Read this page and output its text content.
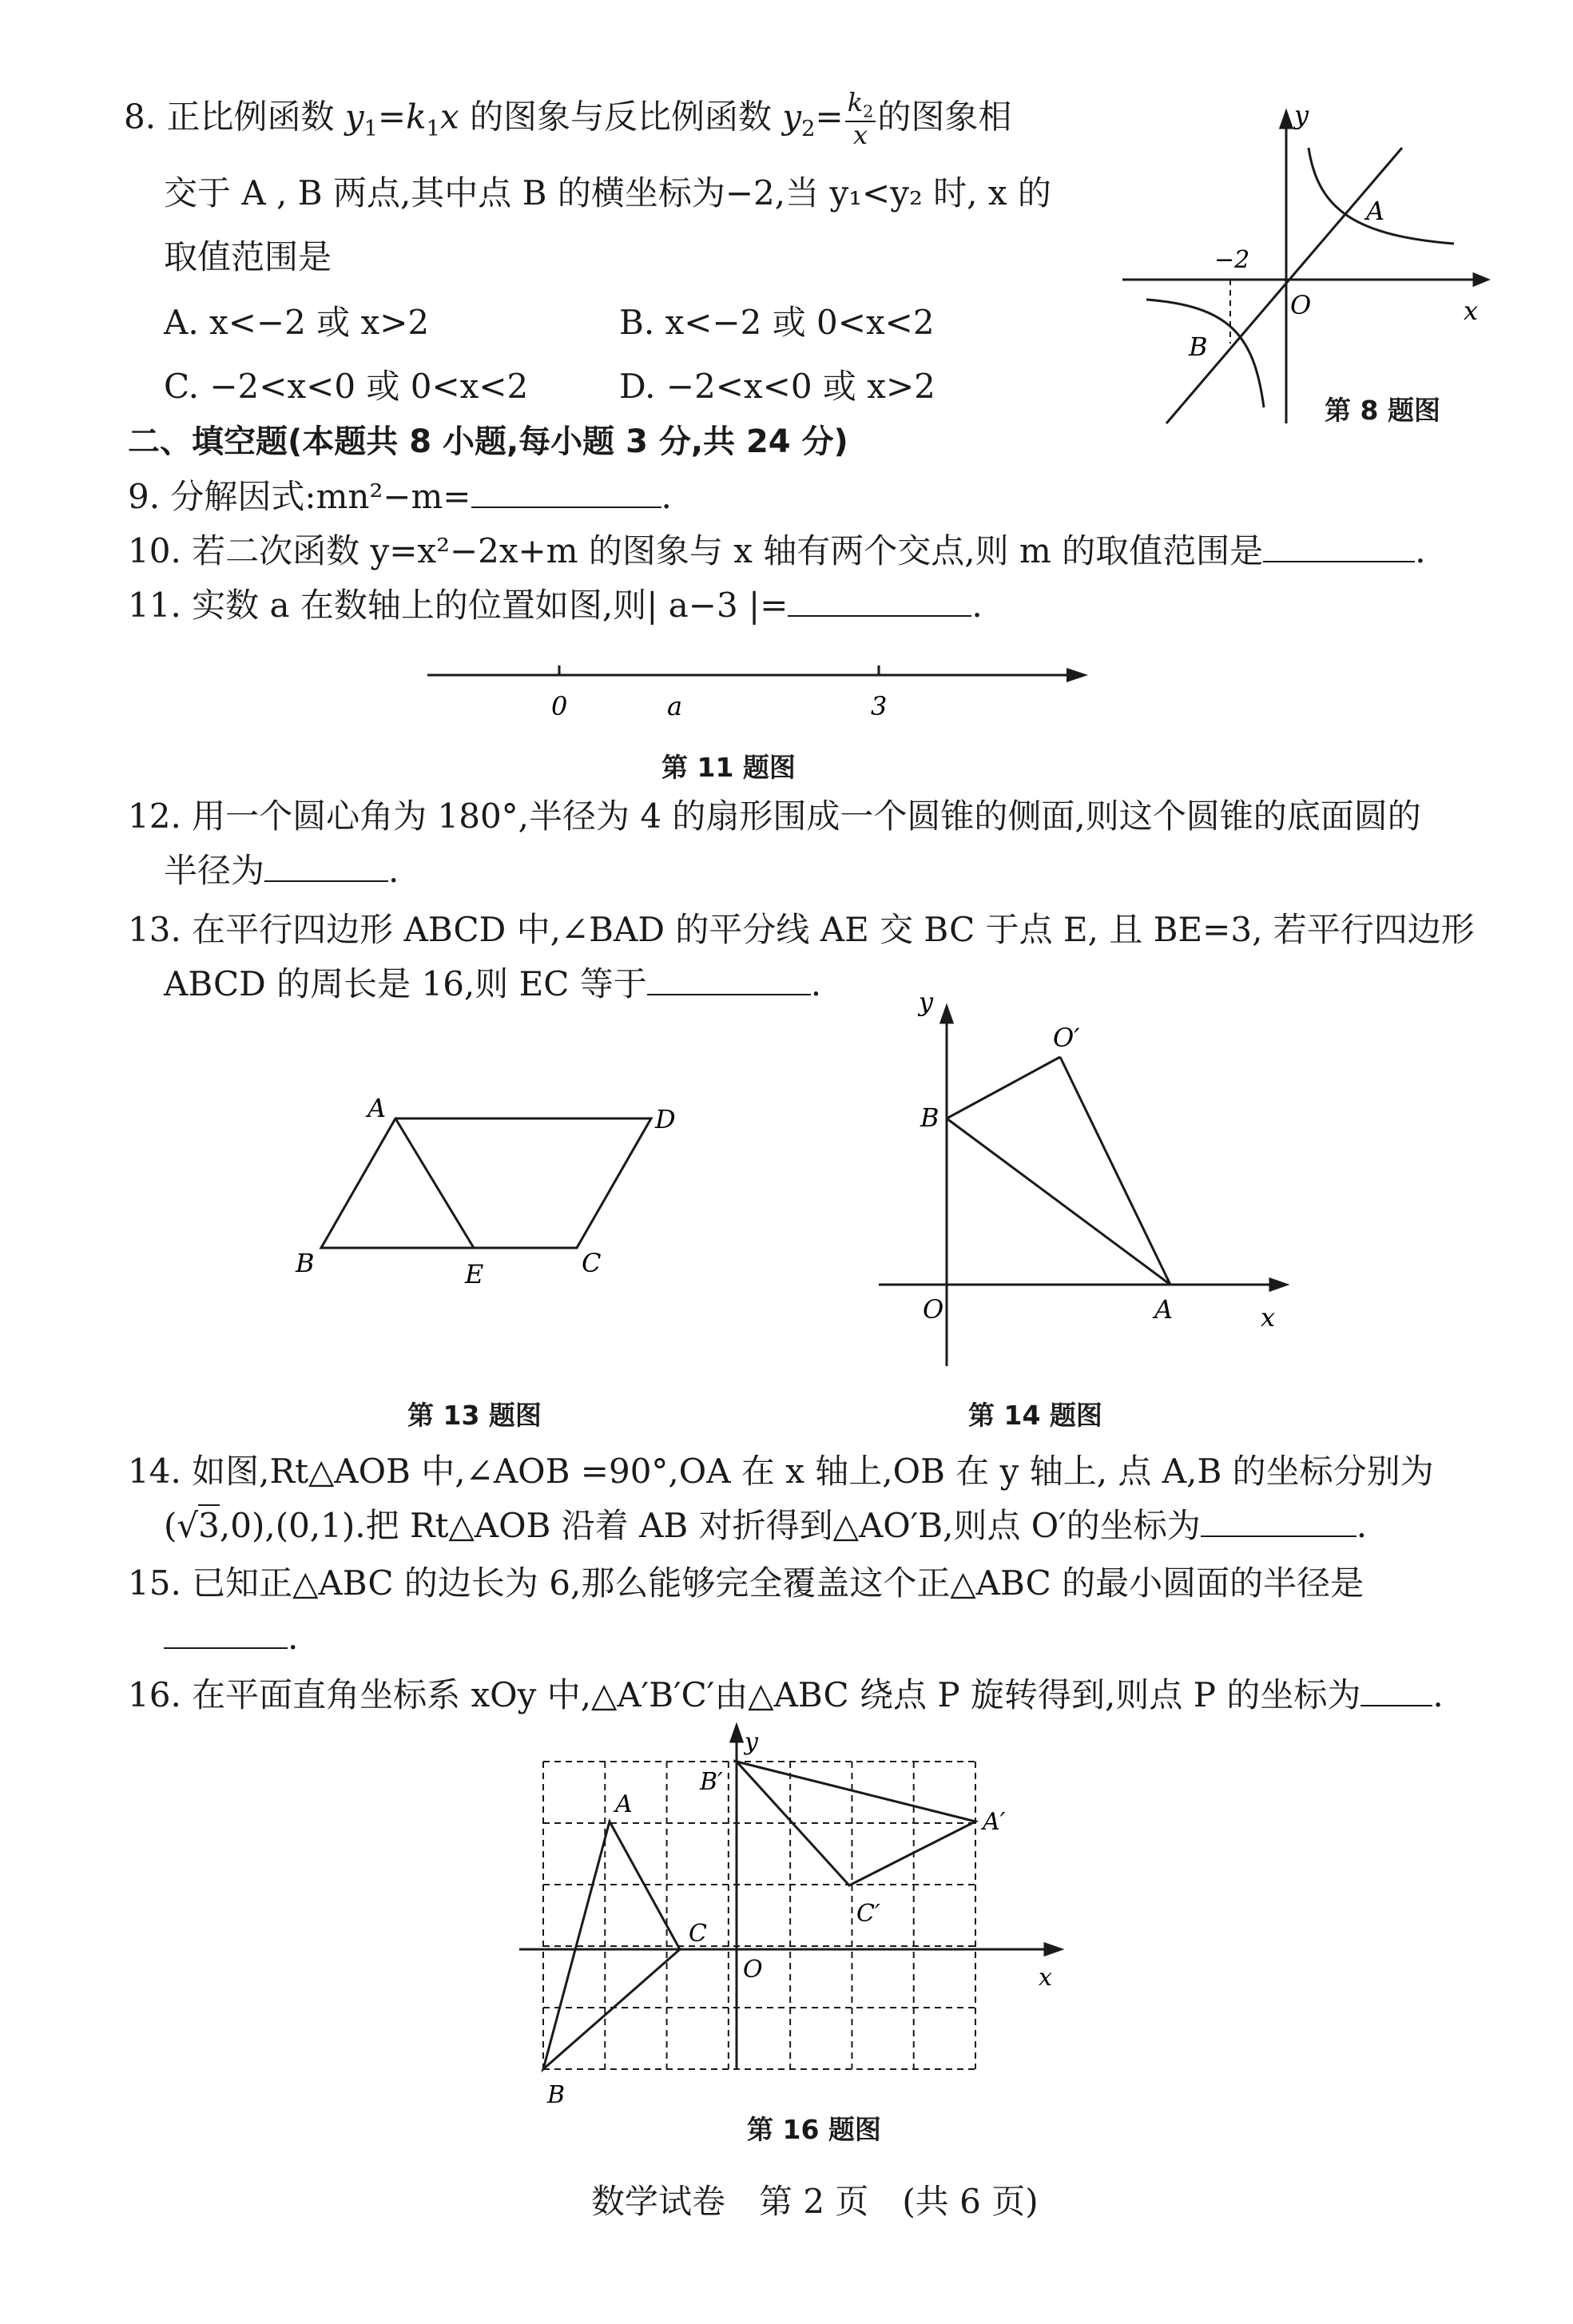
8. 正比例函数 $y_1=k_1x$ 的图象与反比例函数 $y_2= \frac{k_2}{x}$ 的图象相
交于 A , B 两点,其中点 B 的横坐标为−2,当 y₁<y₂ 时, x 的
取值范围是
A. x<−2 或 x>2	B. x<−2 或 0<x<2
C. −2<x<0 或 0<x<2	D. −2<x<0 或 x>2
y
x
O
A
B
−2
第 8 题图
二、填空题(本题共 8 小题,每小题 3 分,共 24 分)
9. 分解因式:mn²−m=	.
10. 若二次函数 y=x²−2x+m 的图象与 x 轴有两个交点,则 m 的取值范围是	.
11. 实数 a 在数轴上的位置如图,则| a−3 |=	.
0	a	3
第 11 题图
12. 用一个圆心角为 180°,半径为 4 的扇形围成一个圆锥的侧面,则这个圆锥的底面圆的
半径为	.
13. 在平行四边形 ABCD 中,∠BAD 的平分线 AE 交 BC 于点 E, 且 BE=3, 若平行四边形
ABCD 的周长是 16,则 EC 等于	.
A	D
B	E	C
第 13 题图
y
x
O	A
B
O′
第 14 题图
14. 如图,Rt△AOB 中,∠AOB =90°,OA 在 x 轴上,OB 在 y 轴上, 点 A,B 的坐标分别为
(√3,0),(0,1).把 Rt△AOB 沿着 AB 对折得到△AO′B,则点 O′的坐标为	.
15. 已知正△ABC 的边长为 6,那么能够完全覆盖这个正△ABC 的最小圆面的半径是
.
16. 在平面直角坐标系 xOy 中,△A′B′C′由△ABC 绕点 P 旋转得到,则点 P 的坐标为 .
y
x
O
A
B
C
A′
B′
C′
第 16 题图
数学试卷　第 2 页　(共 6 页)
